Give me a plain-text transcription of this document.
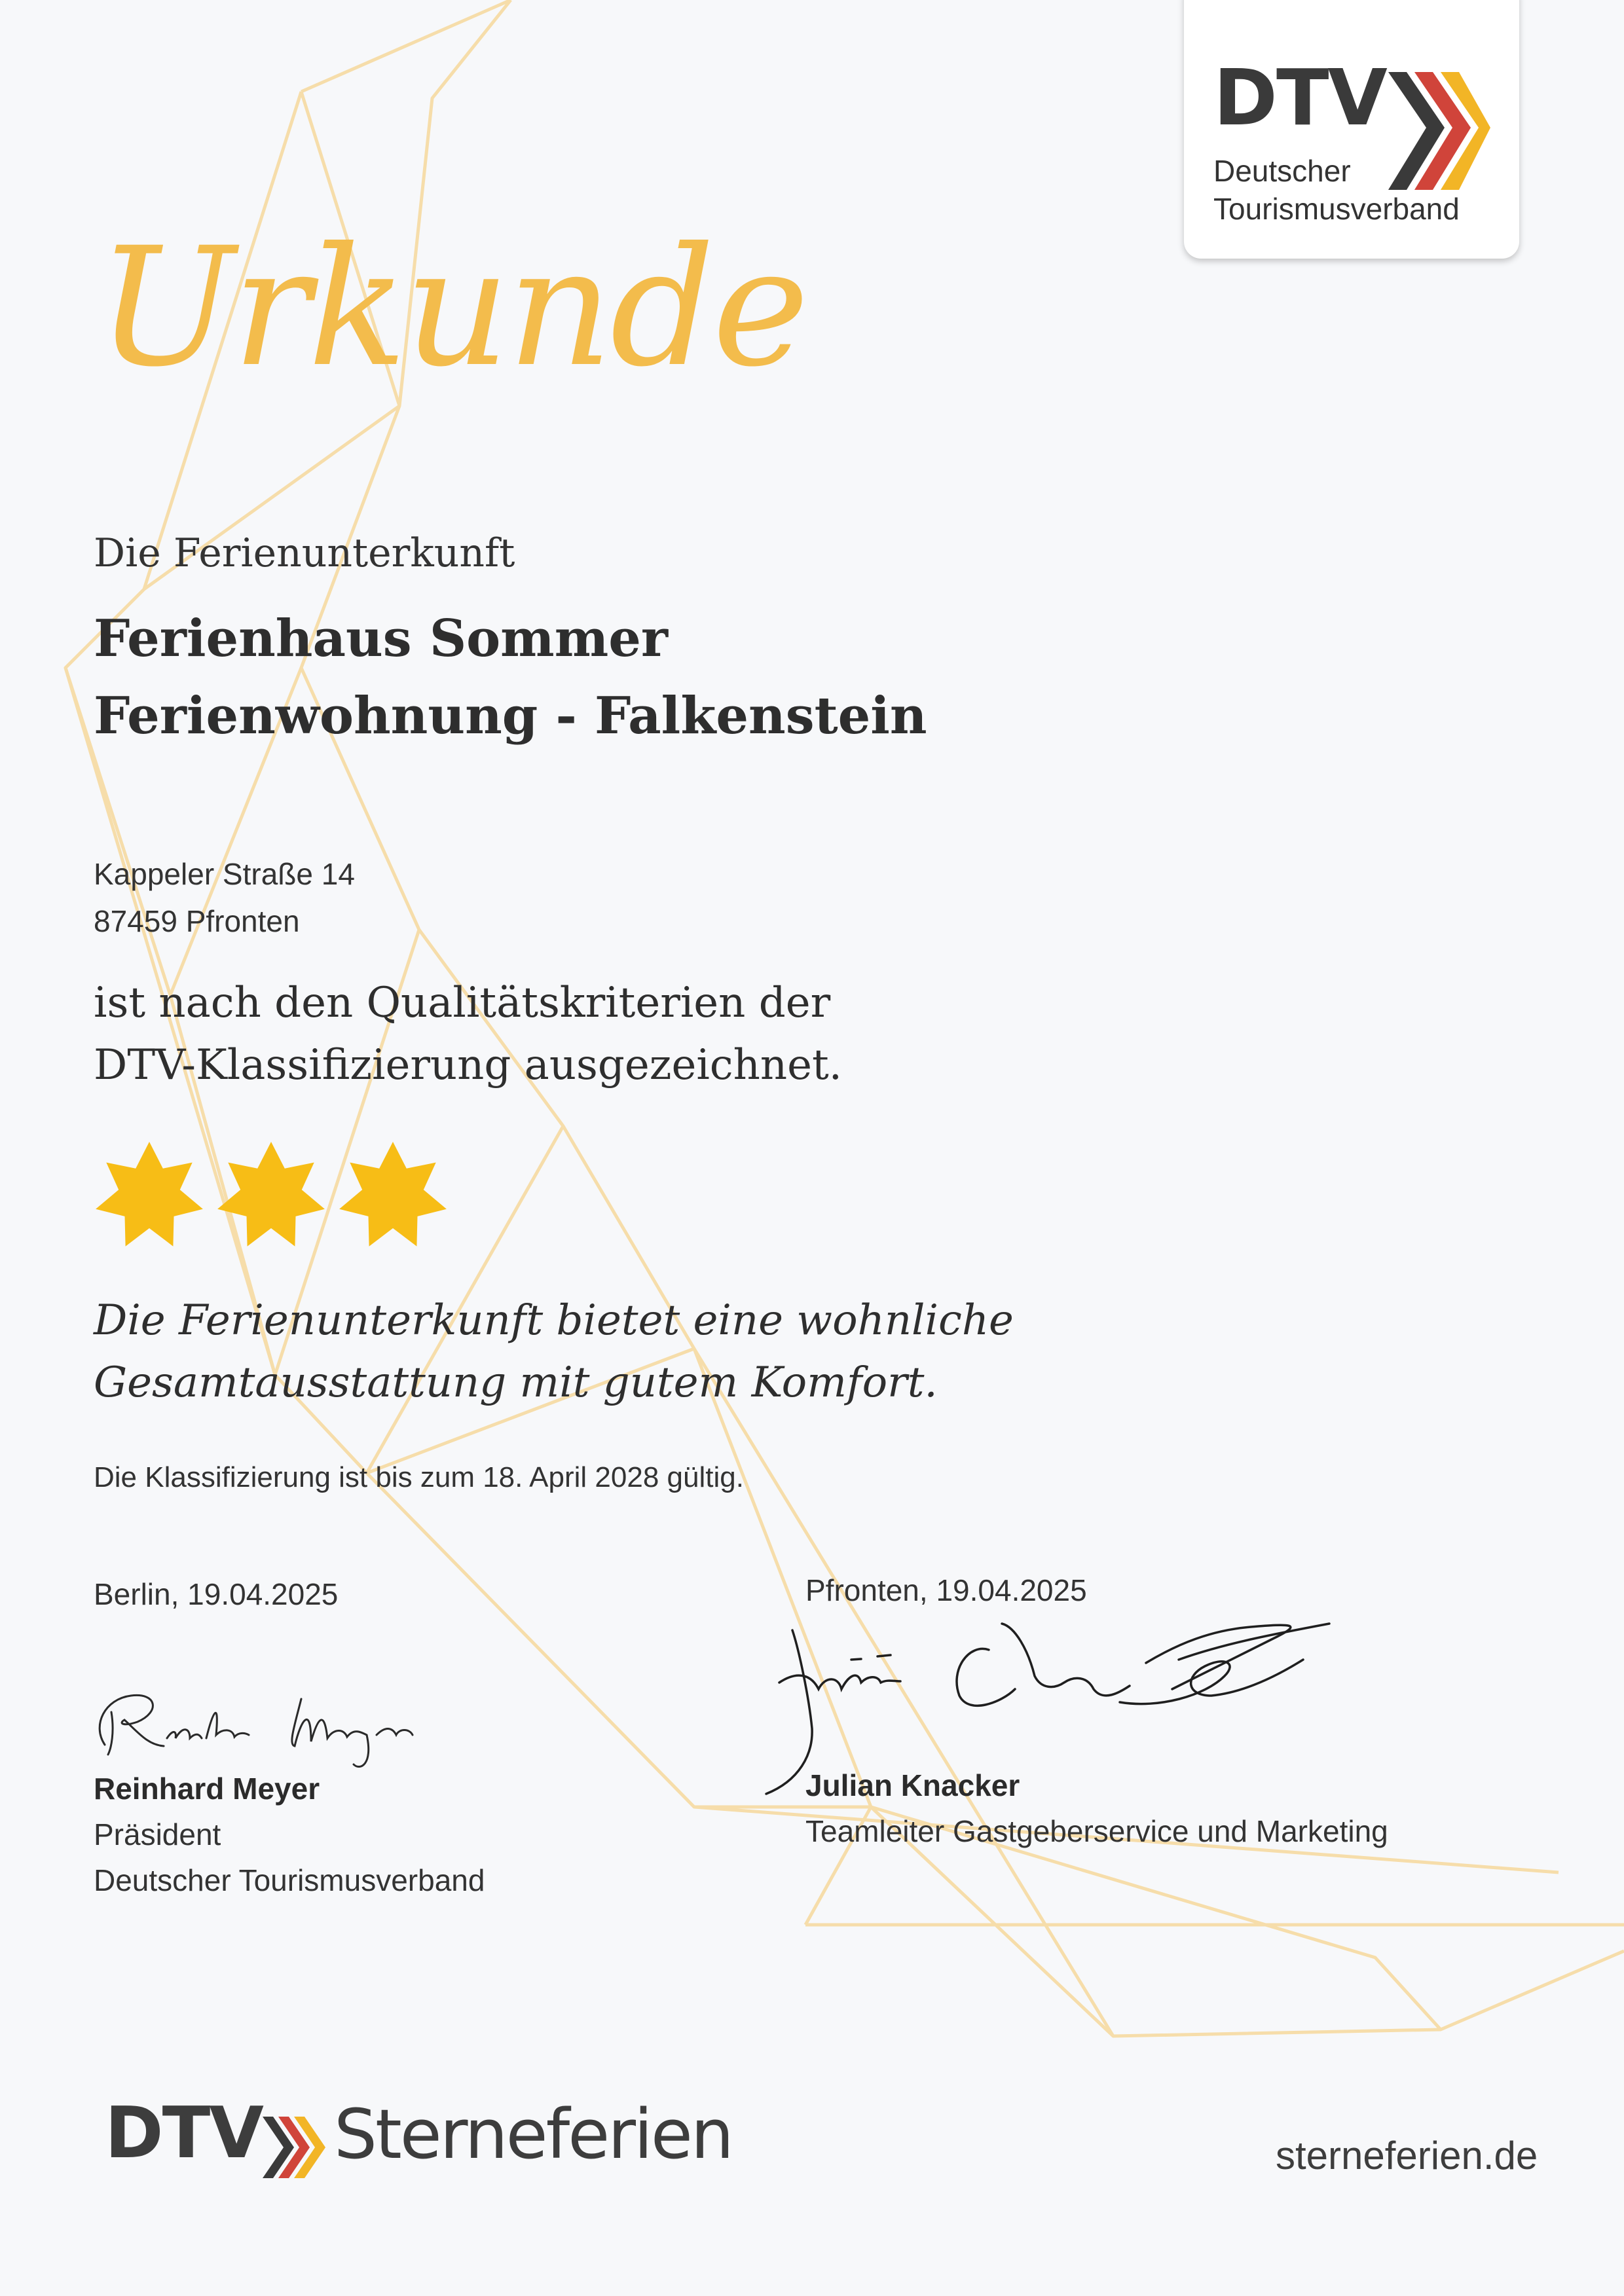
DTV
Deutscher
Tourismusverband
Urkunde
Die Ferienunterkunft
Ferienhaus Sommer
Ferienwohnung - Falkenstein
Kappeler Straße 14
87459 Pfronten
ist nach den Qualitätskriterien der
DTV-Klassifizierung ausgezeichnet.
Die Ferienunterkunft bietet eine wohnliche
Gesamtausstattung mit gutem Komfort.
Die Klassifizierung ist bis zum 18. April 2028 gültig.
Berlin, 19.04.2025
Reinhard Meyer
Präsident
Deutscher Tourismusverband
Pfronten, 19.04.2025
Julian Knacker
Teamleiter Gastgeberservice und Marketing
DTV Sterneferien	sterneferien.de
